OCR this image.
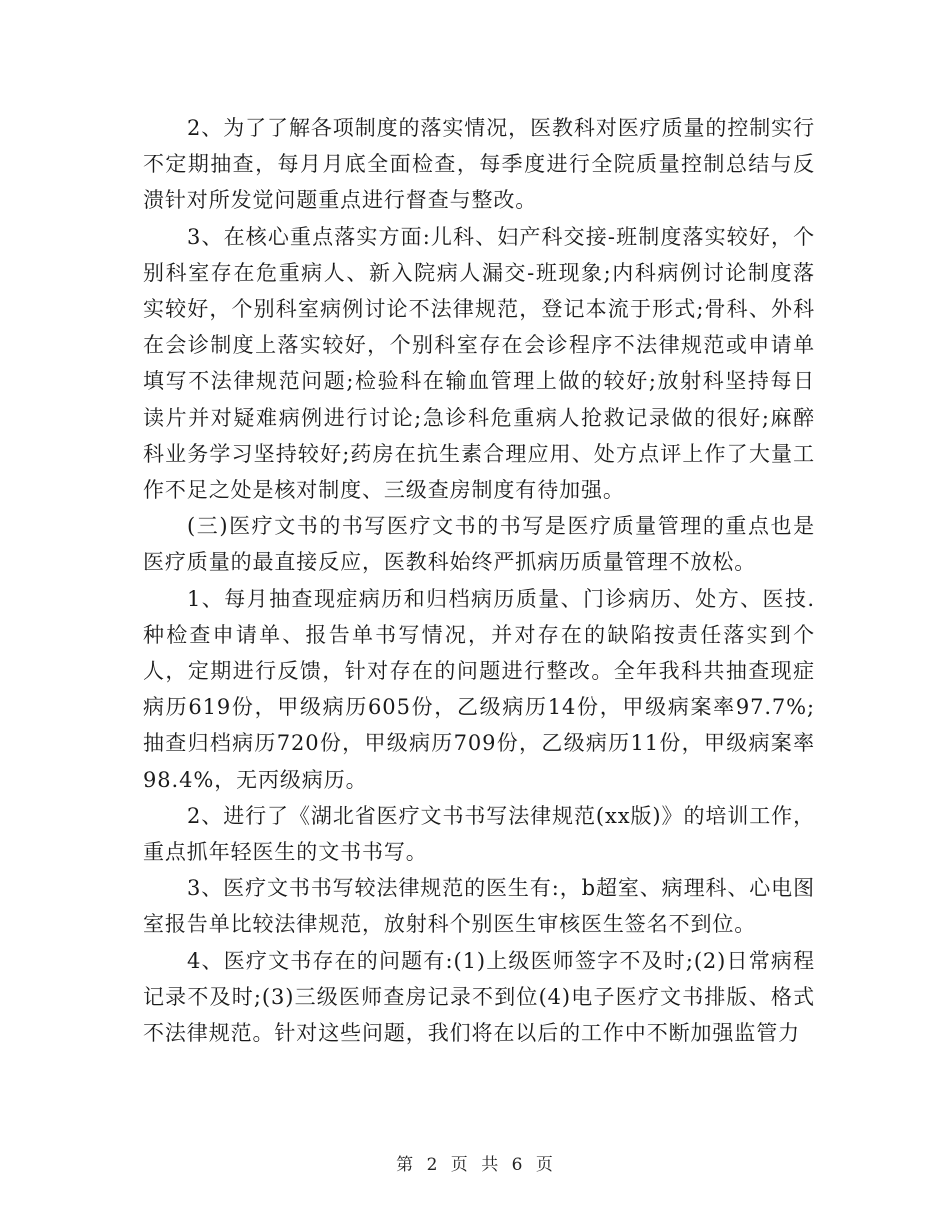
2、为了了解各项制度的落实情况，医教科对医疗质量的控制实行不定期抽查，每月月底全面检查，每季度进行全院质量控制总结与反溃针对所发觉问题重点进行督查与整改。

3、在核心重点落实方面:儿科、妇产科交接-班制度落实较好，个别科室存在危重病人、新入院病人漏交-班现象;内科病例讨论制度落实较好，个别科室病例讨论不法律规范，登记本流于形式;骨科、外科在会诊制度上落实较好，个别科室存在会诊程序不法律规范或申请单填写不法律规范问题;检验科在输血管理上做的较好;放射科坚持每日读片并对疑难病例进行讨论;急诊科危重病人抢救记录做的很好;麻醉科业务学习坚持较好;药房在抗生素合理应用、处方点评上作了大量工作不足之处是核对制度、三级查房制度有待加强。

(三)医疗文书的书写医疗文书的书写是医疗质量管理的重点也是医疗质量的最直接反应，医教科始终严抓病历质量管理不放松。

1、每月抽查现症病历和归档病历质量、门诊病历、处方、医技.种检查申请单、报告单书写情况，并对存在的缺陷按责任落实到个人，定期进行反馈，针对存在的问题进行整改。全年我科共抽查现症病历619份，甲级病历605份，乙级病历14份，甲级病案率97.7%;抽查归档病历720份，甲级病历709份，乙级病历11份，甲级病案率 98.4%，无丙级病历。

2、进行了《湖北省医疗文书书写法律规范(xx版)》的培训工作，重点抓年轻医生的文书书写。

3、医疗文书书写较法律规范的医生有:，b超室、病理科、心电图室报告单比较法律规范，放射科个别医生审核医生签名不到位。

4、医疗文书存在的问题有:(1)上级医师签字不及时;(2)日常病程记录不及时;(3)三级医师查房记录不到位(4)电子医疗文书排版、格式不法律规范。针对这些问题，我们将在以后的工作中不断加强监管力

第 2 页 共 6 页
